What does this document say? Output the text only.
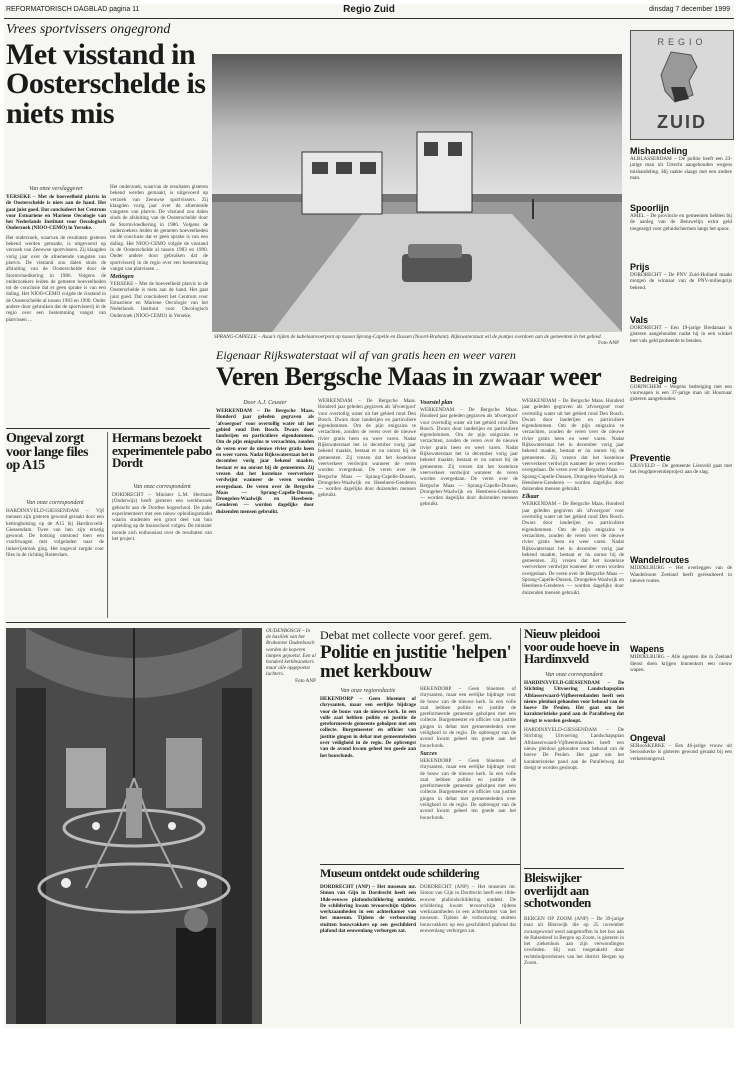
REFORMATORISCH DAGBLAD pagina 11	Regio Zuid	dinsdag 7 december 1999
Vrees sportvissers ongegrond
Met visstand in Oosterschelde is niets mis
Van onze verslaggever
YERSEKE – Met de boeveelheid platvis in de Oosterschelde is niets aan de hand. Het gaat juist goed. Dat concludeert het Centrum voor Estuariene en Mariene Oecologie van het Nederlands Instituut voor Oecologisch Onderzoek (NIOO-CEMO) in Yerseke.
Het onderzoek, waarvan de resultaten gisteren bekend werden gemaakt, is uitgevoerd op verzoek van Zeeuwse sportvissers. Zij klaagden vorig jaar over de afnemende vangsten van platvis. De visstand zou dalen sinds de afsluiting van de Oosterschelde door de Stormvloedkering in 1986. Volgens de onderzoekers leiden de gemeten hoeveelheden tot de conclusie dat er geen sprake is van een daling. Het NIOO-CEMO volgde de visstand in de Oosterschelde al tussen 1983 en 1990. Onder andere door gebruiken dat de sportvisserij in de regio over een bestemming vangst van platvissen ...
Het onderzoek, waarvan de resultaten gisteren bekend werden gemaakt, is uitgevoerd op verzoek van Zeeuwse sportvissers. Zij klaagden vorig jaar over de afnemende vangsten van platvis. De visstand zou dalen sinds de afsluiting van de Oosterschelde door de Stormvloedkering in 1986. Volgens de onderzoekers leiden de gemeten hoeveelheden tot de conclusie dat er geen sprake is van een daling. Het NIOO-CEMO volgde de visstand in de Oosterschelde al tussen 1983 en 1990. Onder andere door gebruiken dat de sportvisserij in de regio over een bestemming vangst van platvissen ...
Metingen
YERSEKE – Met de boeveelheid platvis in de Oosterschelde is niets aan de hand. Het gaat juist goed. Dat concludeert het Centrum voor Estuariene en Mariene Oecologie van het Nederlands Instituut voor Oecologisch Onderzoek (NIOO-CEMO) in Yerseke.
SPRANG-CAPELLE – Asua's rijden de kabelaanvoerpont op tussen Sprang-Capelle en Dussen (Noord-Brabant). Rijkswaterstaat wil de pontjes overdoen aan de gemeenten in het gebied.
Foto ANP
Ongeval zorgt voor lange files op A15
Van onze correspondent
HARDINXVELD-GIESSENDAM – Vijf mensen zijn gisteren gewond geraakt door een kettingbotsing op de A15 bij Hardinxveld-Giessendam. Twee van hen zijn ernstig gewond. De botsing ontstond toen een vrachtwagen met volgeladen naar de linkerrijstrook ging. Het ongeval zorgde voor files in de richting Rotterdam.
Hermans bezoekt experimentele pabo Dordt
Van onze correspondent
DORDRECHT – Minister L.M. Hermans (Onderwijs) heeft gisteren een werkbezoek gebracht aan de Dordtse hogeschool. De pabo experimenteert met een nieuw opleidingsmodel waarin studenten een groot deel van hun opleiding op de basisschool volgen. De minister toonde zich enthousiast over de resultaten van het project.
Eigenaar Rijkswaterstaat wil af van gratis heen en weer varen
Veren Bergsche Maas in zwaar weer
Door A.J. Ceuster
WERKENDAM – De Bergsche Maas. Honderd jaar geleden gegraven als 'afvoergoot' voor overtollig water uit het gebied rond Den Bosch. Dwars door landerijen en particuliere eigendommen. Om de pijn enigszins te verzachten, zouden de veren over de nieuwe rivier gratis heen en weer varen. Nadat Rijkswaterstaat het in december vorig jaar bekend maakte, bestaat er nu onrust bij de gemeenten. Zij vrezen dat het kosteloze veerverkeer verdwijnt wanneer de veren worden overgedaan. De veren over de Bergsche Maas — Sprang-Capelle-Dussen, Drongelen-Waalwijk en Heesbeen-Genderen — worden dagelijks door duizenden mensen gebruikt.
WERKENDAM – De Bergsche Maas. Honderd jaar geleden gegraven als 'afvoergoot' voor overtollig water uit het gebied rond Den Bosch. Dwars door landerijen en particuliere eigendommen. Om de pijn enigszins te verzachten, zouden de veren over de nieuwe rivier gratis heen en weer varen. Nadat Rijkswaterstaat het in december vorig jaar bekend maakte, bestaat er nu onrust bij de gemeenten. Zij vrezen dat het kosteloze veerverkeer verdwijnt wanneer de veren worden overgedaan. De veren over de Bergsche Maas — Sprang-Capelle-Dussen, Drongelen-Waalwijk en Heesbeen-Genderen — worden dagelijks door duizenden mensen gebruikt.
Voorstel plan
WERKENDAM – De Bergsche Maas. Honderd jaar geleden gegraven als 'afvoergoot' voor overtollig water uit het gebied rond Den Bosch. Dwars door landerijen en particuliere eigendommen. Om de pijn enigszins te verzachten, zouden de veren over de nieuwe rivier gratis heen en weer varen. Nadat Rijkswaterstaat het in december vorig jaar bekend maakte, bestaat er nu onrust bij de gemeenten. Zij vrezen dat het kosteloze veerverkeer verdwijnt wanneer de veren worden overgedaan. De veren over de Bergsche Maas — Sprang-Capelle-Dussen, Drongelen-Waalwijk en Heesbeen-Genderen — worden dagelijks door duizenden mensen gebruikt.
WERKENDAM – De Bergsche Maas. Honderd jaar geleden gegraven als 'afvoergoot' voor overtollig water uit het gebied rond Den Bosch. Dwars door landerijen en particuliere eigendommen. Om de pijn enigszins te verzachten, zouden de veren over de nieuwe rivier gratis heen en weer varen. Nadat Rijkswaterstaat het in december vorig jaar bekend maakte, bestaat er nu onrust bij de gemeenten. Zij vrezen dat het kosteloze veerverkeer verdwijnt wanneer de veren worden overgedaan. De veren over de Bergsche Maas — Sprang-Capelle-Dussen, Drongelen-Waalwijk en Heesbeen-Genderen — worden dagelijks door duizenden mensen gebruikt.
Elkaar
WERKENDAM – De Bergsche Maas. Honderd jaar geleden gegraven als 'afvoergoot' voor overtollig water uit het gebied rond Den Bosch. Dwars door landerijen en particuliere eigendommen. Om de pijn enigszins te verzachten, zouden de veren over de nieuwe rivier gratis heen en weer varen. Nadat Rijkswaterstaat het in december vorig jaar bekend maakte, bestaat er nu onrust bij de gemeenten. Zij vrezen dat het kosteloze veerverkeer verdwijnt wanneer de veren worden overgedaan. De veren over de Bergsche Maas — Sprang-Capelle-Dussen, Drongelen-Waalwijk en Heesbeen-Genderen — worden dagelijks door duizenden mensen gebruikt.
REGIO
ZUID
Mishandeling
ALBLASSERDAM – De politie heeft een 23-jarige man uit Utrecht aangehouden wegens mishandeling. Hij raakte slaags met een andere man.
Spoorlijn
AMEL – De provincie en gemeenten hebben bij de aanleg van de Betuwelijn extra geld toegezegd voor geluidschermen langs het spoor.
Prijs
DORDRECHT – De PNV Zuid-Holland maakt morgen de winnaar van de PNV-milieuprijs bekend.
Vals
DORDRECHT – Een 19-jarige Bredanaar is gisteren aangehouden nadat hij in een winkel met vals geld probeerde te betalen.
Bedreiging
GORINCHEM – Wegens bedreiging met een vuurwapen is een 37-jarige man uit Hoornaar gisteren aangehouden.
Preventie
LIESVELD – De gemeente Liesveld gaat met het Jeugdpreventieproject aan de slag.
Wandelroutes
MIDDELBURG – Het overleggen van de Wandelroute Zeeland heeft geresulteerd in nieuwe routes.
Wapens
MIDDELBURG – Alle agenten die in Zeeland dienst doen krijgen binnenkort een nieuw wapen.
Ongeval
SERooSKERKE – Een 46-jarige vrouw uit Serooskerke is gisteren gewond geraakt bij een verkeersongeval.
OUDENBOSCH – In de basiliek van het Brabantse Oudenbosch worden de koperen lampen gepoetst. Een al honderd kerkbezoekers maar alle opgepoetst luchters.
Foto ANP
Debat met collecte voor geref. gem.
Politie en justitie 'helpen' met kerkbouw
Van onze regioredactie
HEKENDORP – Geen bloemen of chrysanten, maar een eerlijke bijdrage voor de bouw van de nieuwe kerk. In een volle zaal hebben politie en justitie de gereformeerde gemeente geholpen met een collecte. Burgemeester en officier van justitie gingen in debat met gemeenteleden over veiligheid in de regio. De opbrengst van de avond kwam geheel ten goede aan het bouwfonds.
HEKENDORP – Geen bloemen of chrysanten, maar een eerlijke bijdrage voor de bouw van de nieuwe kerk. In een volle zaal hebben politie en justitie de gereformeerde gemeente geholpen met een collecte. Burgemeester en officier van justitie gingen in debat met gemeenteleden over veiligheid in de regio. De opbrengst van de avond kwam geheel ten goede aan het bouwfonds.
Succes
HEKENDORP – Geen bloemen of chrysanten, maar een eerlijke bijdrage voor de bouw van de nieuwe kerk. In een volle zaal hebben politie en justitie de gereformeerde gemeente geholpen met een collecte. Burgemeester en officier van justitie gingen in debat met gemeenteleden over veiligheid in de regio. De opbrengst van de avond kwam geheel ten goede aan het bouwfonds.
Museum ontdekt oude schildering
DORDRECHT (ANP) – Het museum mr. Simon van Gijn in Dordrecht heeft een 18de-eeuwse plafondschildering ontdekt. De schildering kwam tevoorschijn tijdens werkzaamheden in een achterkamer van het museum. Tijdens de verbouwing stuitten bouwvakkers op een geschilderd plafond dat eeuwenlang verborgen zat.
DORDRECHT (ANP) – Het museum mr. Simon van Gijn in Dordrecht heeft een 18de-eeuwse plafondschildering ontdekt. De schildering kwam tevoorschijn tijdens werkzaamheden in een achterkamer van het museum. Tijdens de verbouwing stuitten bouwvakkers op een geschilderd plafond dat eeuwenlang verborgen zat.
Nieuw pleidooi voor oude hoeve in Hardinxveld
Van onze correspondent
HARDINXVELD-GIESSENDAM – De Stichting Uitvoering Landschapsplan Alblasserwaard-Vijfheerenlanden heeft een nieuw pleidooi gehouden voor behoud van de hoeve De Peulen. Het gaat om het karakteristieke pand aan de Parallelweg dat dreigt te worden gesloopt.
HARDINXVELD-GIESSENDAM – De Stichting Uitvoering Landschapsplan Alblasserwaard-Vijfheerenlanden heeft een nieuw pleidooi gehouden voor behoud van de hoeve De Peulen. Het gaat om het karakteristieke pand aan de Parallelweg dat dreigt te worden gesloopt.
Bleiswijker overlijdt aan schotwonden
BERGEN OP ZOOM (ANP) – De 39-jarige man uit Bleiswijk die op 25 november zwaargewond werd aangetroffen in het bos aan de Balsedreef in Bergen op Zoom, is gisteren in het ziekenhuis aan zijn verwondingen overleden. Hij was toegetakeld door rechtshulpverleners van het district Bergen op Zoom.
